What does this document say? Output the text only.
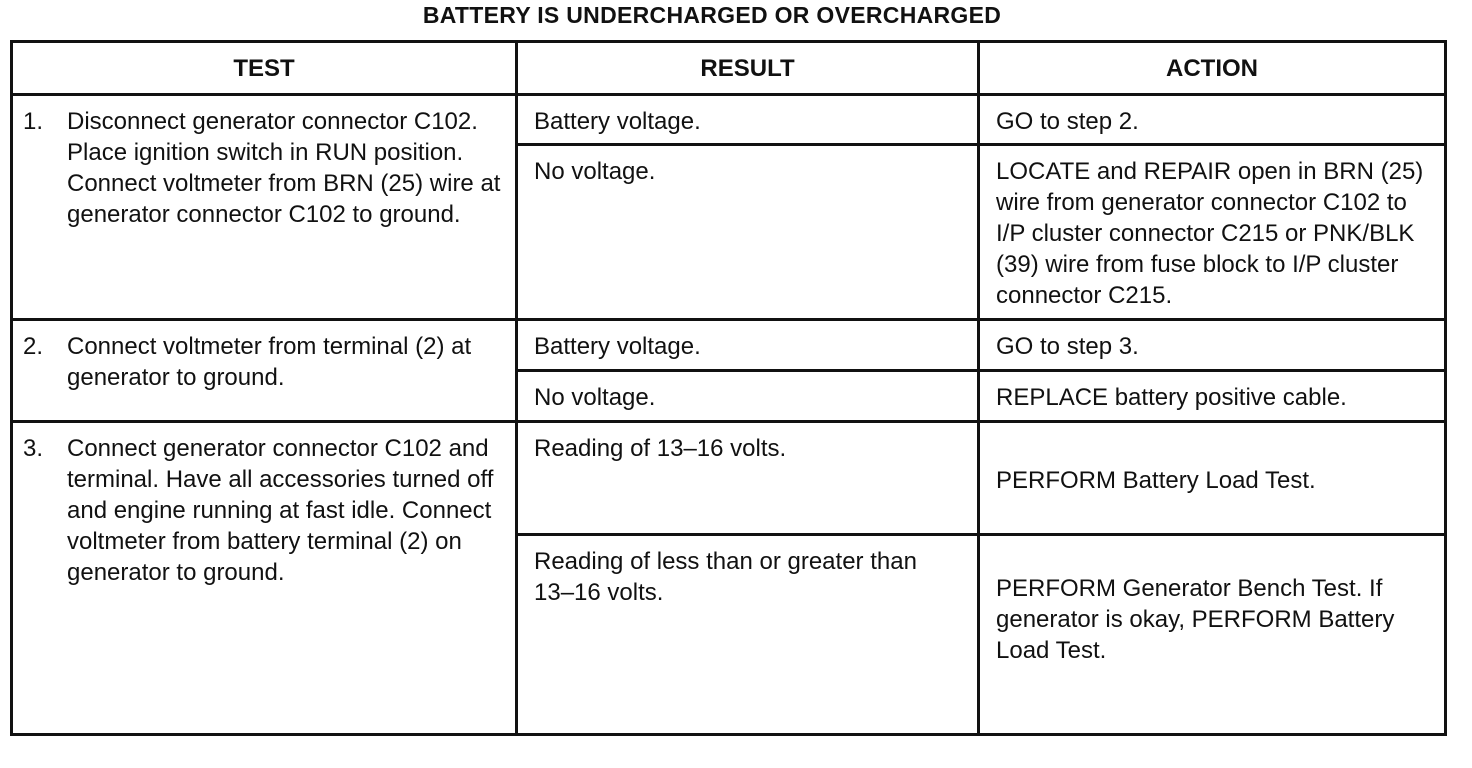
BATTERY IS UNDERCHARGED OR OVERCHARGED
TEST	RESULT	ACTION

1. Disconnect generator connector C102. Place ignition switch in RUN position. Connect voltmeter from BRN (25) wire at generator connector C102 to ground.	Battery voltage.	GO to step 2.

	No voltage.	LOCATE and REPAIR open in BRN (25) wire from generator connector C102 to I/P cluster connector C215 or PNK/BLK (39) wire from fuse block to I/P cluster connector C215.

2. Connect voltmeter from terminal (2) at generator to ground.	Battery voltage.	GO to step 3.

	No voltage.	REPLACE battery positive cable.

3. Connect generator connector C102 and terminal. Have all accessories turned off and engine running at fast idle. Connect voltmeter from battery terminal (2) on generator to ground.	Reading of 13–16 volts.	PERFORM Battery Load Test.

	Reading of less than or greater than 13–16 volts.	PERFORM Generator Bench Test. If generator is okay, PERFORM Battery Load Test.
